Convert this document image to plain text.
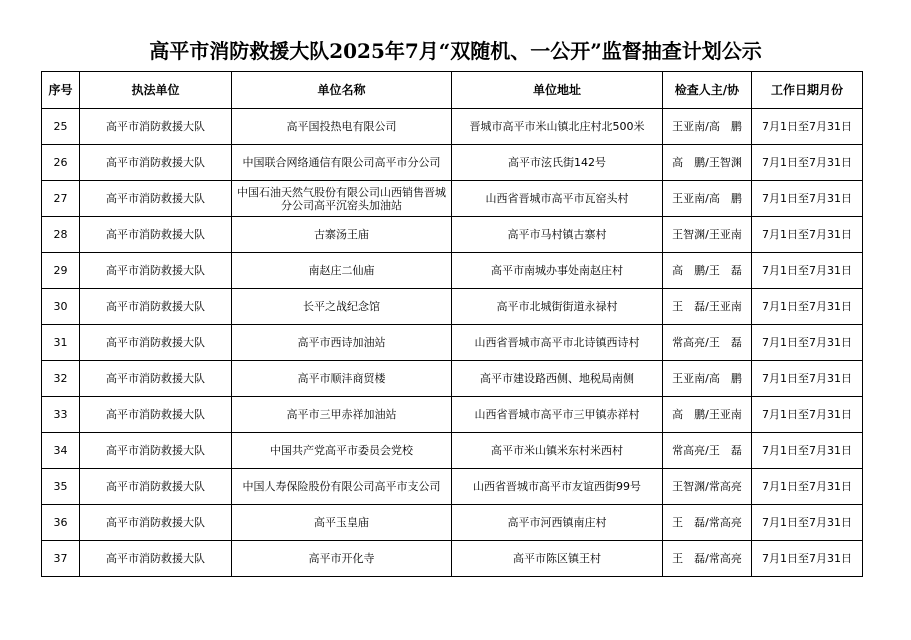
高平市消防救援大队2025年7月“双随机、一公开”监督抽查计划公示
序号	执法单位	单位名称	单位地址	检查人主/协	工作日期月份
25	高平市消防救援大队	高平国投热电有限公司	晋城市高平市米山镇北庄村北500米	王亚南/高　鹏	7月1日至7月31日
26	高平市消防救援大队	中国联合网络通信有限公司高平市分公司	高平市泫氏街142号	高　鹏/王智渊	7月1日至7月31日
27	高平市消防救援大队	中国石油天然气股份有限公司山西销售晋城分公司高平沉窑头加油站	山西省晋城市高平市瓦窑头村	王亚南/高　鹏	7月1日至7月31日
28	高平市消防救援大队	古寨汤王庙	高平市马村镇古寨村	王智渊/王亚南	7月1日至7月31日
29	高平市消防救援大队	南赵庄二仙庙	高平市南城办事处南赵庄村	高　鹏/王　磊	7月1日至7月31日
30	高平市消防救援大队	长平之战纪念馆	高平市北城街街道永禄村	王　磊/王亚南	7月1日至7月31日
31	高平市消防救援大队	高平市西诗加油站	山西省晋城市高平市北诗镇西诗村	常高亮/王　磊	7月1日至7月31日
32	高平市消防救援大队	高平市顺沣商贸楼	高平市建设路西侧、地税局南侧	王亚南/高　鹏	7月1日至7月31日
33	高平市消防救援大队	高平市三甲赤祥加油站	山西省晋城市高平市三甲镇赤祥村	高　鹏/王亚南	7月1日至7月31日
34	高平市消防救援大队	中国共产党高平市委员会党校	高平市米山镇米东村米西村	常高亮/王　磊	7月1日至7月31日
35	高平市消防救援大队	中国人寿保险股份有限公司高平市支公司	山西省晋城市高平市友谊西街99号	王智渊/常高亮	7月1日至7月31日
36	高平市消防救援大队	高平玉皇庙	高平市河西镇南庄村	王　磊/常高亮	7月1日至7月31日
37	高平市消防救援大队	高平市开化寺	高平市陈区镇王村	王　磊/常高亮	7月1日至7月31日
